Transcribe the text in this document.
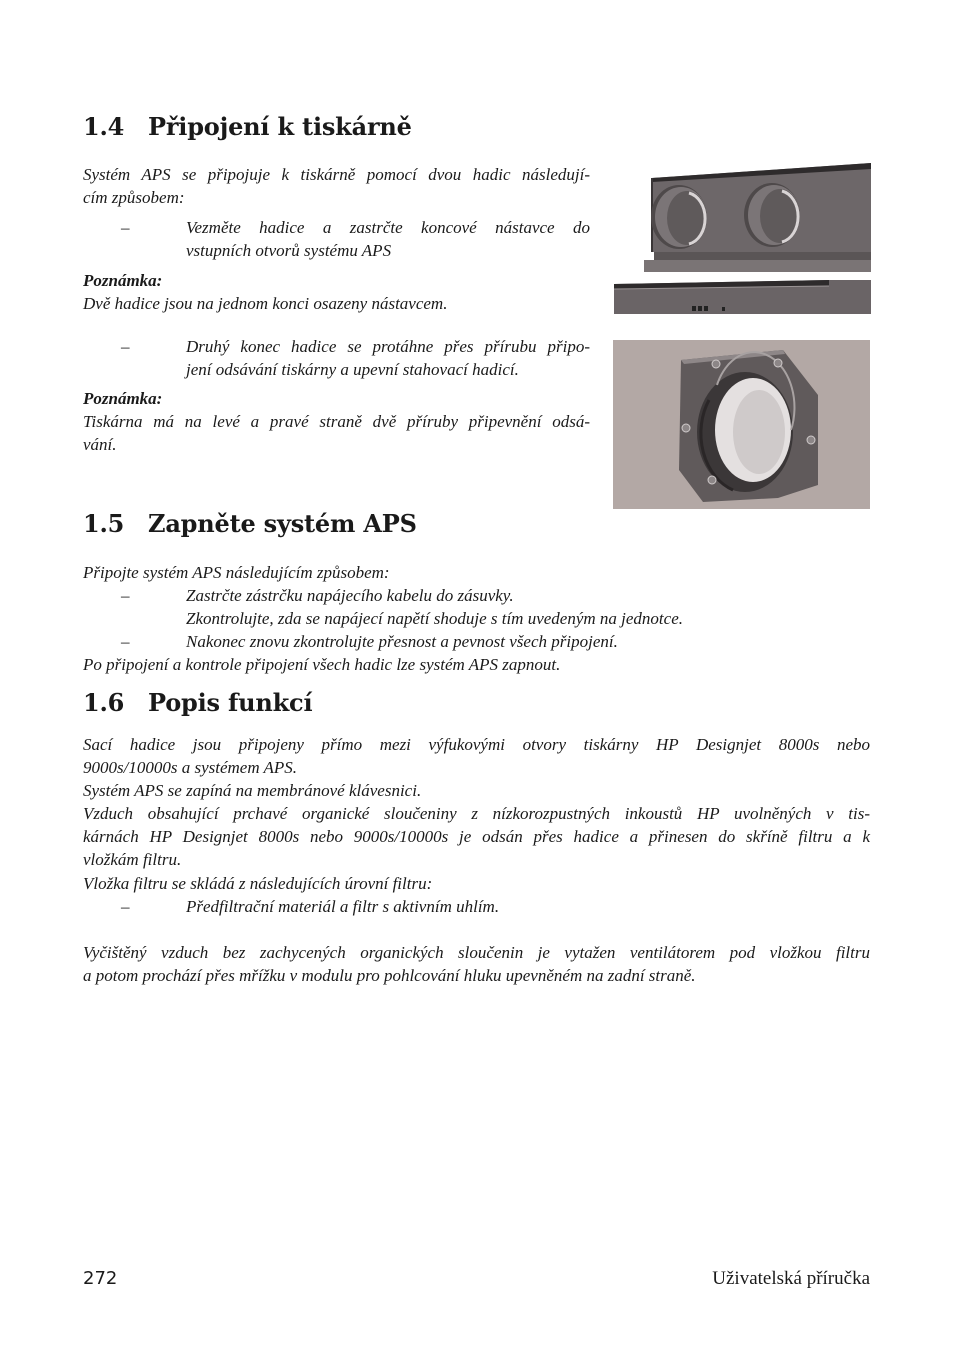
1.4 Připojení k tiskárně
Systém APS se připojuje k tiskárně pomocí dvou hadic následují-
cím způsobem:
–	Vezměte hadice a zastrčte koncové nástavce do
vstupních otvorů systému APS
Poznámka:
Dvě hadice jsou na jednom konci osazeny nástavcem.
–	Druhý konec hadice se protáhne přes přírubu připo-
jení odsávání tiskárny a upevní stahovací hadicí.
Poznámka:
Tiskárna má na levé a pravé straně dvě příruby připevnění odsá-
vání.
1.5 Zapněte systém APS
Připojte systém APS následujícím způsobem:
–	Zastrčte zástrčku napájecího kabelu do zásuvky.
Zkontrolujte, zda se napájecí napětí shoduje s tím uvedeným na jednotce.
–	Nakonec znovu zkontrolujte přesnost a pevnost všech připojení.
Po připojení a kontrole připojení všech hadic lze systém APS zapnout.
1.6 Popis funkcí
Sací hadice jsou připojeny přímo mezi výfukovými otvory tiskárny HP Designjet 8000s nebo
9000s/10000s a systémem APS.
Systém APS se zapíná na membránové klávesnici.
Vzduch obsahující prchavé organické sloučeniny z nízkorozpustných inkoustů HP uvolněných v tis-
kárnách HP Designjet 8000s nebo 9000s/10000s je odsán přes hadice a přinesen do skříně filtru a k
vložkám filtru.
Vložka filtru se skládá z následujících úrovní filtru:
–	Předfiltrační materiál a filtr s aktivním uhlím.
Vyčištěný vzduch bez zachycených organických sloučenin je vytažen ventilátorem pod vložkou filtru
a potom prochází přes mřížku v modulu pro pohlcování hluku upevněném na zadní straně.
272	Uživatelská příručka
